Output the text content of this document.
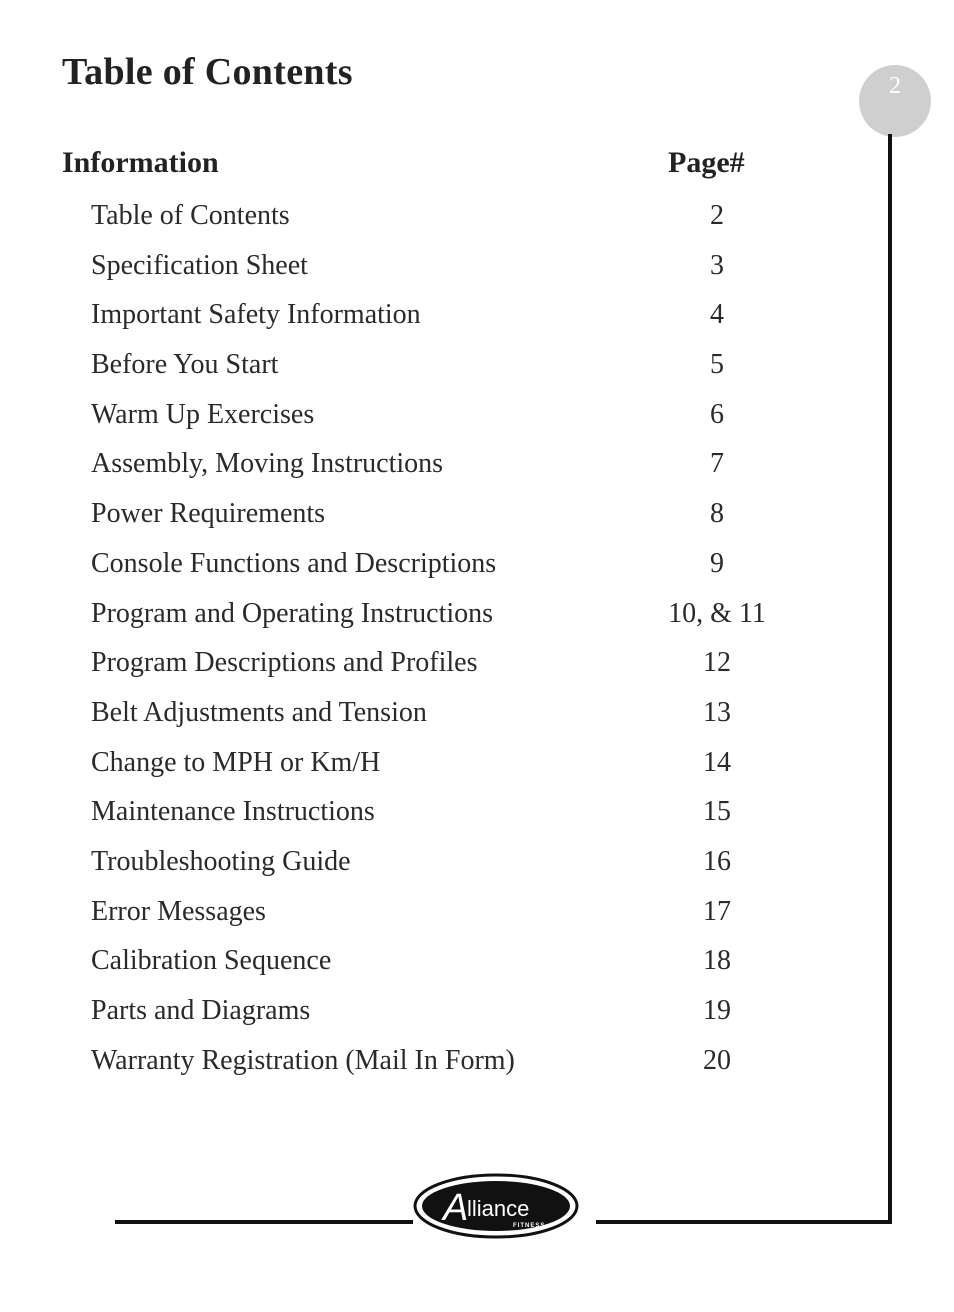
Table of Contents	2
Information	Page#
Table of Contents	2
Specification Sheet	3
Important Safety Information	4
Before You Start	5
Warm Up Exercises	6
Assembly, Moving Instructions	7
Power Requirements	8
Console Functions and Descriptions	9
Program and Operating Instructions	10, & 11
Program Descriptions and Profiles	12
Belt Adjustments and Tension	13
Change to MPH or Km/H	14
Maintenance Instructions	15
Troubleshooting Guide	16
Error Messages	17
Calibration Sequence	18
Parts and Diagrams	19
Warranty Registration (Mail In Form)	20
A
lliance
FITNESS
